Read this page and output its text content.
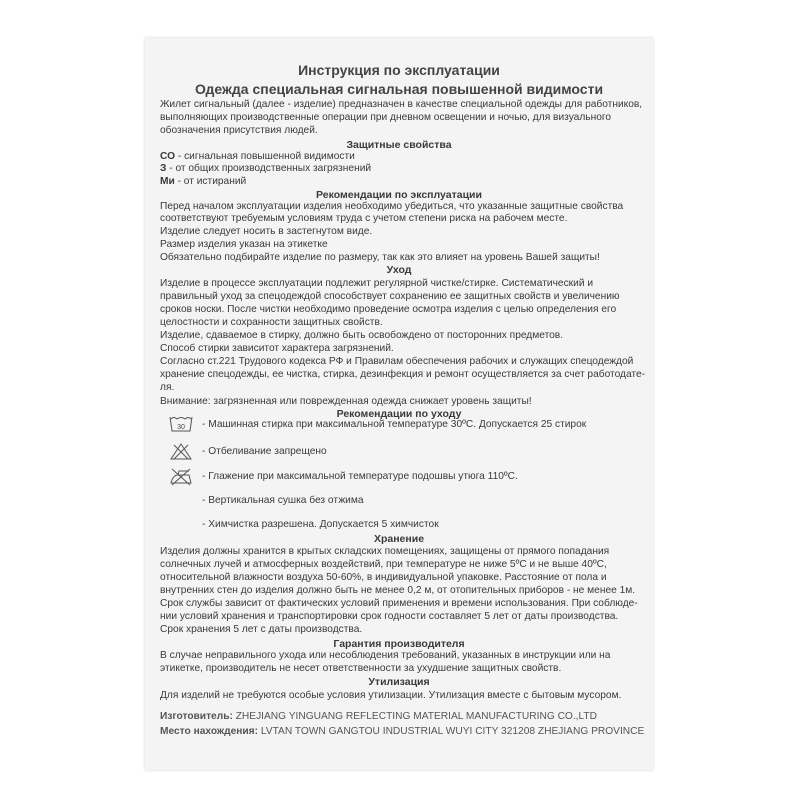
Инструкция по эксплуатации
Одежда специальная сигнальная повышенной видимости
Жилет сигнальный (далее - изделие) предназначен в качестве специальной одежды для работников,
выполняющих производственные операции при дневном освещении и ночью, для визуального
обозначения присутствия людей.
Защитные свойства
СО - сигнальная повышенной видимости
З - от общих производственных загрязнений
Ми - от истираний
Рекомендации по эксплуатации
Перед началом эксплуатации изделия необходимо убедиться, что указанные защитные свойства
соответствуют требуемым условиям труда с учетом степени риска на рабочем месте.
Изделие следует носить в застегнутом виде.
Размер изделия указан на этикетке
Обязательно подбирайте изделие по размеру, так как это влияет на уровень Вашей защиты!
Уход
Изделие в процессе эксплуатации подлежит регулярной чистке/стирке. Систематический и
правильный уход за спецодеждой способствует сохранению ее защитных свойств и увеличению
сроков носки. После чистки необходимо проведение осмотра изделия с целью определения его
целостности и сохранности защитных свойств.
Изделие, сдаваемое в стирку, должно быть освобождено от посторонних предметов.
Способ стирки зависитот характера загрязнений.
Согласно ст.221 Трудового кодекса РФ и Правилам обеспечения рабочих и служащих спецодеждой
хранение спецодежды, ее чистка, стирка, дезинфекция и ремонт осуществляется за счет работодате-
ля.
Внимание: загрязненная или поврежденная одежда снижает уровень защиты!
Рекомендации по уходу
30 - Машинная стирка при максимальной температуре 30ºС. Допускается 25 стирок
- Отбеливание запрещено
- Глажение при максимальной температуре подошвы утюга 110ºС.
- Вертикальная сушка без отжима
- Химчистка разрешена. Допускается 5 химчисток
Хранение
Изделия должны хранится в крытых складских помещениях, защищены от прямого попадания
солнечных лучей и атмосферных воздействий, при температуре не ниже 5ºС и не выше 40ºС,
относительной влажности воздуха 50-60%, в индивидуальной упаковке. Расстояние от пола и
внутренних стен до изделия должно быть не менее 0,2 м, от отопительных приборов - не менее 1м.
Срок службы зависит от фактических условий применения и времени использования. При соблюде-
нии условий хранения и транспортировки срок годности составляет 5 лет от даты производства.
Срок хранения 5 лет с даты производства.
Гарантия производителя
В случае неправильного ухода или несоблюдения требований, указанных в инструкции или на
этикетке, производитель не несет ответственности за ухудшение защитных свойств.
Утилизация
Для изделий не требуются особые условия утилизации. Утилизация вместе с бытовым мусором.
Изготовитель: ZHEJIANG YINGUANG REFLECTING MATERIAL MANUFACTURING CO.,LTD
Место нахождения: LVTAN TOWN GANGTOU INDUSTRIAL WUYI CITY 321208 ZHEJIANG PROVINCE
